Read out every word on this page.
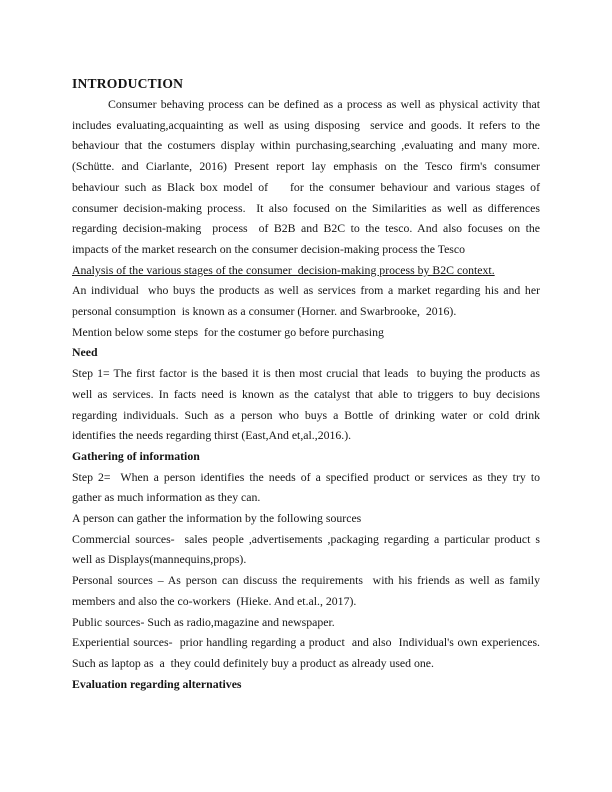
INTRODUCTION
Consumer behaving process can be defined as a process as well as physical activity that
includes evaluating,acquainting as well as using disposing  service and goods. It refers to the
behaviour that the costumers display within purchasing,searching ,evaluating and many more.
(Schütte. and Ciarlante, 2016) Present report lay emphasis on the Tesco firm's consumer
behaviour such as Black box model of    for the consumer behaviour and various stages of
consumer decision-making process.  It also focused on the Similarities as well as differences
regarding decision-making  process  of B2B and B2C to the tesco. And also focuses on the
impacts of the market research on the consumer decision-making process the Tesco
Analysis of the various stages of the consumer  decision-making process by B2C context.
An individual  who buys the products as well as services from a market regarding his and her
personal consumption  is known as a consumer (Horner. and Swarbrooke,  2016).
Mention below some steps  for the costumer go before purchasing
Need
Step 1= The first factor is the based it is then most crucial that leads  to buying the products as
well as services. In facts need is known as the catalyst that able to triggers to buy decisions
regarding individuals. Such as a person who buys a Bottle of drinking water or cold drink
identifies the needs regarding thirst (East,And et,al.,2016.).
Gathering of information
Step 2=  When a person identifies the needs of a specified product or services as they try to
gather as much information as they can.
A person can gather the information by the following sources
Commercial sources-  sales people ,advertisements ,packaging regarding a particular product s
well as Displays(mannequins,props).
Personal sources – As person can discuss the requirements  with his friends as well as family
members and also the co-workers  (Hieke. And et.al., 2017).
Public sources- Such as radio,magazine and newspaper.
Experiential sources-  prior handling regarding a product  and also  Individual's own experiences.
Such as laptop as  a  they could definitely buy a product as already used one.
Evaluation regarding alternatives
